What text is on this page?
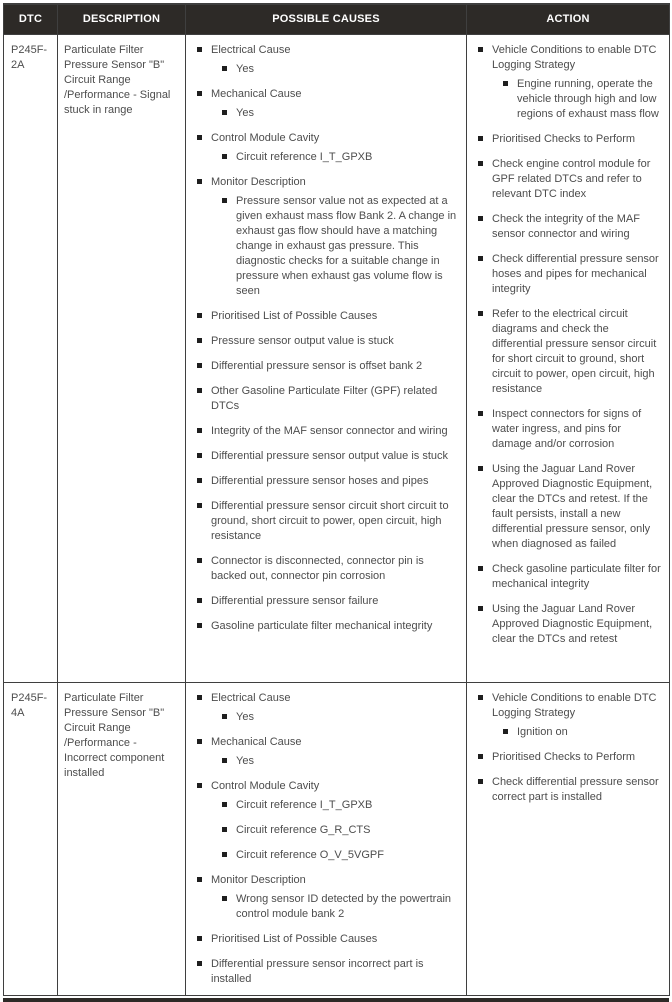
DTC	DESCRIPTION	POSSIBLE CAUSES	ACTION

P245F-2A

Particulate Filter Pressure Sensor "B" Circuit Range /Performance - Signal stuck in range

Electrical Cause
Yes
Mechanical Cause
Yes
Control Module Cavity
Circuit reference I_T_GPXB
Monitor Description
Pressure sensor value not as expected at a given exhaust mass flow Bank 2. A change in exhaust gas flow should have a matching change in exhaust gas pressure. This diagnostic checks for a suitable change in pressure when exhaust gas volume flow is seen
Prioritised List of Possible Causes
Pressure sensor output value is stuck
Differential pressure sensor is offset bank 2
Other Gasoline Particulate Filter (GPF) related DTCs
Integrity of the MAF sensor connector and wiring
Differential pressure sensor output value is stuck
Differential pressure sensor hoses and pipes
Differential pressure sensor circuit short circuit to ground, short circuit to power, open circuit, high resistance
Connector is disconnected, connector pin is backed out, connector pin corrosion
Differential pressure sensor failure
Gasoline particulate filter mechanical integrity

Vehicle Conditions to enable DTC Logging Strategy
Engine running, operate the vehicle through high and low regions of exhaust mass flow
Prioritised Checks to Perform
Check engine control module for GPF related DTCs and refer to relevant DTC index
Check the integrity of the MAF sensor connector and wiring
Check differential pressure sensor hoses and pipes for mechanical integrity
Refer to the electrical circuit diagrams and check the differential pressure sensor circuit for short circuit to ground, short circuit to power, open circuit, high resistance
Inspect connectors for signs of water ingress, and pins for damage and/or corrosion
Using the Jaguar Land Rover Approved Diagnostic Equipment, clear the DTCs and retest. If the fault persists, install a new differential pressure sensor, only when diagnosed as failed
Check gasoline particulate filter for mechanical integrity
Using the Jaguar Land Rover Approved Diagnostic Equipment, clear the DTCs and retest

P245F-4A

Particulate Filter Pressure Sensor "B" Circuit Range /Performance - Incorrect component installed

Electrical Cause
Yes
Mechanical Cause
Yes
Control Module Cavity
Circuit reference I_T_GPXB
Circuit reference G_R_CTS
Circuit reference O_V_5VGPF
Monitor Description
Wrong sensor ID detected by the powertrain control module bank 2
Prioritised List of Possible Causes
Differential pressure sensor incorrect part is installed

Vehicle Conditions to enable DTC Logging Strategy
Ignition on
Prioritised Checks to Perform
Check differential pressure sensor correct part is installed
